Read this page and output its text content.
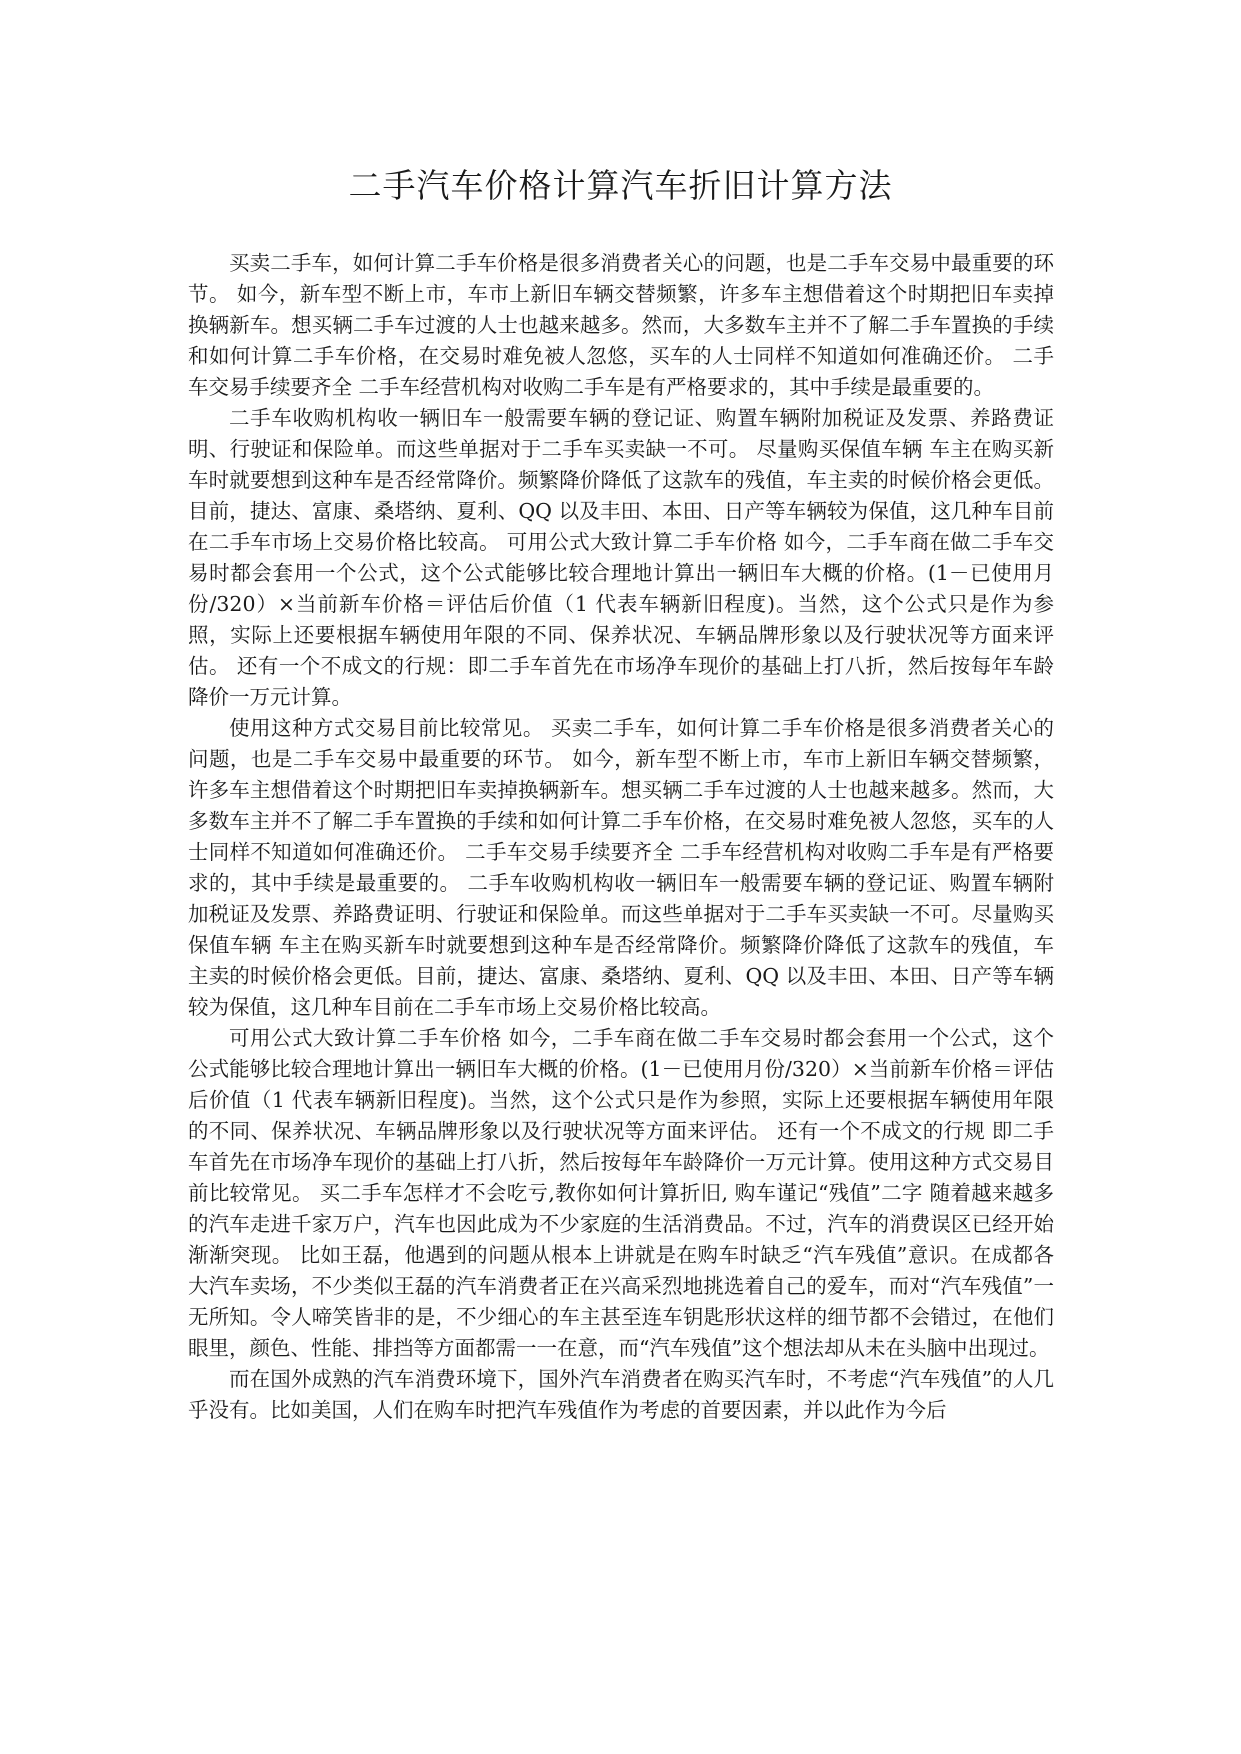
二手汽车价格计算汽车折旧计算方法

买卖二手车，如何计算二手车价格是很多消费者关心的问题，也是二手车交易中最重要的环节。 如今，新车型不断上市，车市上新旧车辆交替频繁，许多车主想借着这个时期把旧车卖掉换辆新车。想买辆二手车过渡的人士也越来越多。然而，大多数车主并不了解二手车置换的手续和如何计算二手车价格，在交易时难免被人忽悠，买车的人士同样不知道如何准确还价。 二手车交易手续要齐全 二手车经营机构对收购二手车是有严格要求的，其中手续是最重要的。

二手车收购机构收一辆旧车一般需要车辆的登记证、购置车辆附加税证及发票、养路费证明、行驶证和保险单。而这些单据对于二手车买卖缺一不可。 尽量购买保值车辆 车主在购买新车时就要想到这种车是否经常降价。频繁降价降低了这款车的残值，车主卖的时候价格会更低。目前，捷达、富康、桑塔纳、夏利、QQ 以及丰田、本田、日产等车辆较为保值，这几种车目前在二手车市场上交易价格比较高。 可用公式大致计算二手车价格 如今，二手车商在做二手车交易时都会套用一个公式，这个公式能够比较合理地计算出一辆旧车大概的价格。(1－已使用月份/320）×当前新车价格＝评估后价值（1 代表车辆新旧程度)。当然，这个公式只是作为参照，实际上还要根据车辆使用年限的不同、保养状况、车辆品牌形象以及行驶状况等方面来评估。 还有一个不成文的行规：即二手车首先在市场净车现价的基础上打八折，然后按每年车龄降价一万元计算。

使用这种方式交易目前比较常见。 买卖二手车，如何计算二手车价格是很多消费者关心的问题，也是二手车交易中最重要的环节。 如今，新车型不断上市，车市上新旧车辆交替频繁，许多车主想借着这个时期把旧车卖掉换辆新车。想买辆二手车过渡的人士也越来越多。然而，大多数车主并不了解二手车置换的手续和如何计算二手车价格，在交易时难免被人忽悠，买车的人士同样不知道如何准确还价。 二手车交易手续要齐全 二手车经营机构对收购二手车是有严格要求的，其中手续是最重要的。 二手车收购机构收一辆旧车一般需要车辆的登记证、购置车辆附加税证及发票、养路费证明、行驶证和保险单。而这些单据对于二手车买卖缺一不可。尽量购买保值车辆 车主在购买新车时就要想到这种车是否经常降价。频繁降价降低了这款车的残值，车主卖的时候价格会更低。目前，捷达、富康、桑塔纳、夏利、QQ 以及丰田、本田、日产等车辆较为保值，这几种车目前在二手车市场上交易价格比较高。

可用公式大致计算二手车价格 如今，二手车商在做二手车交易时都会套用一个公式，这个公式能够比较合理地计算出一辆旧车大概的价格。(1－已使用月份/320）×当前新车价格＝评估后价值（1 代表车辆新旧程度)。当然，这个公式只是作为参照，实际上还要根据车辆使用年限的不同、保养状况、车辆品牌形象以及行驶状况等方面来评估。 还有一个不成文的行规 即二手车首先在市场净车现价的基础上打八折，然后按每年车龄降价一万元计算。使用这种方式交易目前比较常见。 买二手车怎样才不会吃亏,教你如何计算折旧, 购车谨记“残值”二字 随着越来越多的汽车走进千家万户，汽车也因此成为不少家庭的生活消费品。不过，汽车的消费误区已经开始渐渐突现。 比如王磊，他遇到的问题从根本上讲就是在购车时缺乏“汽车残值”意识。在成都各大汽车卖场，不少类似王磊的汽车消费者正在兴高采烈地挑选着自己的爱车，而对“汽车残值”一无所知。令人啼笑皆非的是，不少细心的车主甚至连车钥匙形状这样的细节都不会错过，在他们眼里，颜色、性能、排挡等方面都需一一在意，而“汽车残值”这个想法却从未在头脑中出现过。

而在国外成熟的汽车消费环境下，国外汽车消费者在购买汽车时，不考虑“汽车残值”的人几乎没有。比如美国，人们在购车时把汽车残值作为考虑的首要因素，并以此作为今后
